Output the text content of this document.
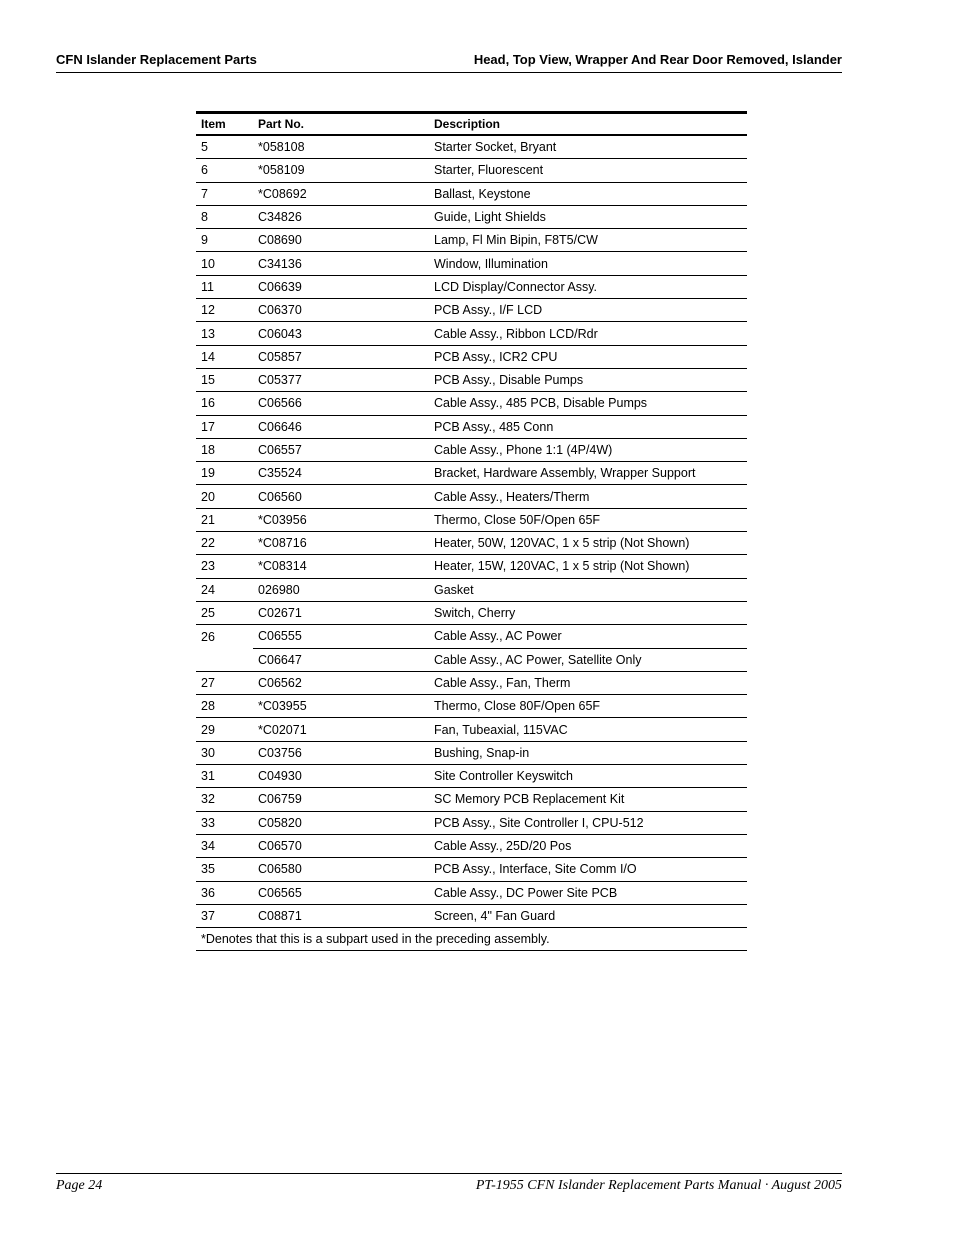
CFN Islander Replacement Parts	Head, Top View, Wrapper And Rear Door Removed, Islander
Item	Part No.	Description
5	*058108	Starter Socket, Bryant
6	*058109	Starter, Fluorescent
7	*C08692	Ballast, Keystone
8	C34826	Guide, Light Shields
9	C08690	Lamp, Fl Min Bipin, F8T5/CW
10	C34136	Window, Illumination
11	C06639	LCD Display/Connector Assy.
12	C06370	PCB Assy., I/F LCD
13	C06043	Cable Assy., Ribbon LCD/Rdr
14	C05857	PCB Assy., ICR2 CPU
15	C05377	PCB Assy., Disable Pumps
16	C06566	Cable Assy., 485 PCB, Disable Pumps
17	C06646	PCB Assy., 485 Conn
18	C06557	Cable Assy., Phone 1:1 (4P/4W)
19	C35524	Bracket, Hardware Assembly, Wrapper Support
20	C06560	Cable Assy., Heaters/Therm
21	*C03956	Thermo, Close 50F/Open 65F
22	*C08716	Heater, 50W, 120VAC, 1 x 5 strip (Not Shown)
23	*C08314	Heater, 15W, 120VAC, 1 x 5 strip (Not Shown)
24	026980	Gasket
25	C02671	Switch, Cherry
26	C06555	Cable Assy., AC Power
	C06647	Cable Assy., AC Power, Satellite Only
27	C06562	Cable Assy., Fan, Therm
28	*C03955	Thermo, Close 80F/Open 65F
29	*C02071	Fan, Tubeaxial, 115VAC
30	C03756	Bushing, Snap-in
31	C04930	Site Controller Keyswitch
32	C06759	SC Memory PCB Replacement Kit
33	C05820	PCB Assy., Site Controller I, CPU-512
34	C06570	Cable Assy., 25D/20 Pos
35	C06580	PCB Assy., Interface, Site Comm I/O
36	C06565	Cable Assy., DC Power Site PCB
37	C08871	Screen, 4" Fan Guard
*Denotes that this is a subpart used in the preceding assembly.		
Page 24	PT-1955 CFN Islander Replacement Parts Manual · August 2005
